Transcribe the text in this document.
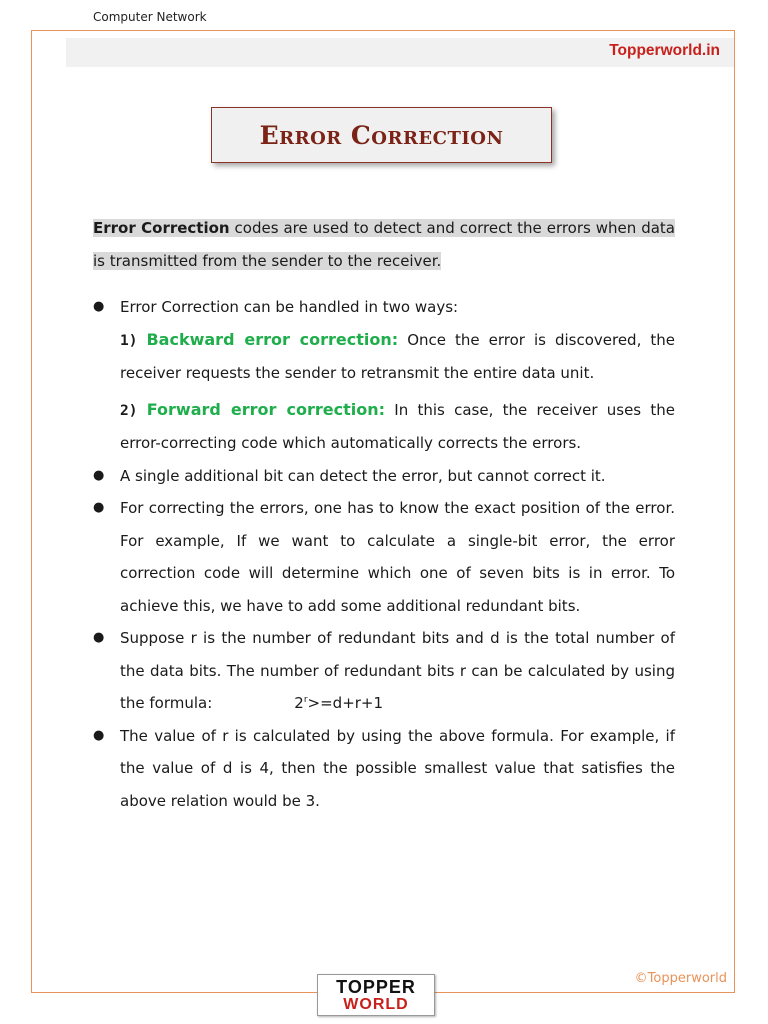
Computer Network
Topperworld.in
Error Correction

Error Correction codes are used to detect and correct the errors when data is transmitted from the sender to the receiver.

● Error Correction can be handled in two ways:
1) Backward error correction: Once the error is discovered, the receiver requests the sender to retransmit the entire data unit.
2) Forward error correction: In this case, the receiver uses the error-correcting code which automatically corrects the errors.
● A single additional bit can detect the error, but cannot correct it.
● For correcting the errors, one has to know the exact position of the error. For example, If we want to calculate a single-bit error, the error correction code will determine which one of seven bits is in error. To achieve this, we have to add some additional redundant bits.
● Suppose r is the number of redundant bits and d is the total number of the data bits. The number of redundant bits r can be calculated by using the formula:	$2^r>=d+r+1$
● The value of r is calculated by using the above formula. For example, if the value of d is 4, then the possible smallest value that satisfies the above relation would be 3.
©Topperworld
TOPPER
WORLD
